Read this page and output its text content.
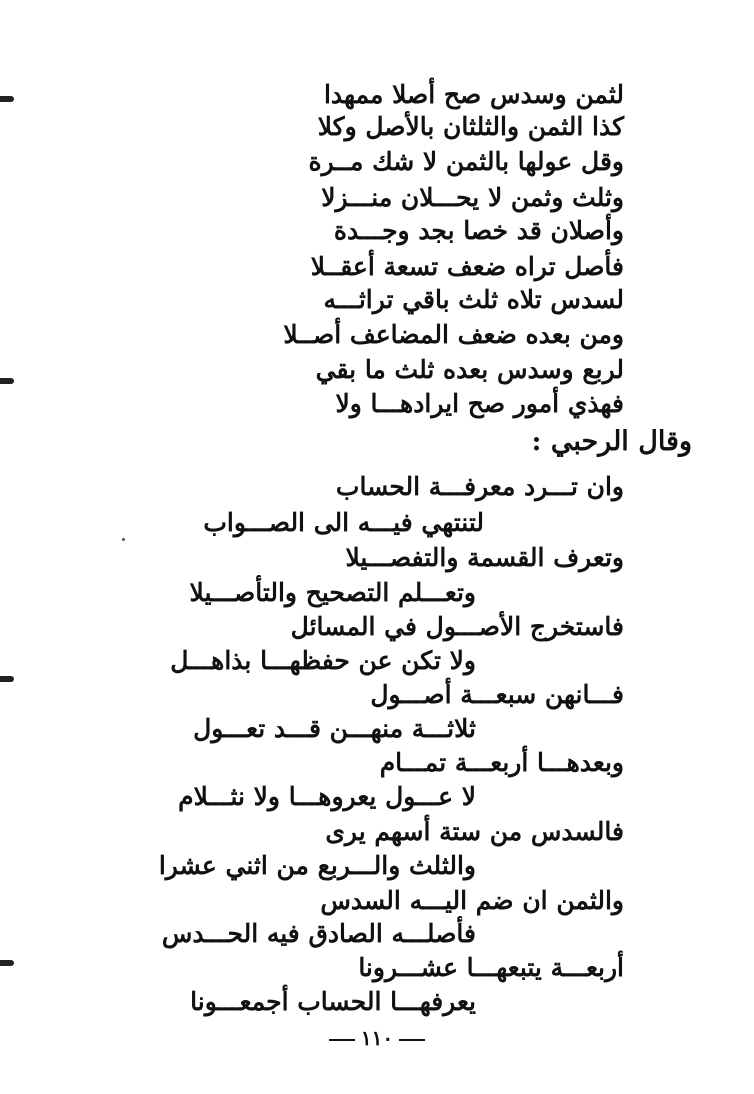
لثمن وسدس صح أصلا ممهدا
كذا الثمن والثلثان بالأصل وكلا
وقل عولها بالثمن لا شك مــرة
وثلث وثمن لا يحـــلان منـــزلا
وأصلان قد خصا بجد وجـــدة
فأصل تراه ضعف تسعة أعقــلا
لسدس تلاه ثلث باقي تراثـــه
ومن بعده ضعف المضاعف أصــلا
لربع وسدس بعده ثلث ما بقي
فهذي أمور صح ايرادهـــا ولا
وقال الرحبي :
وان تـــرد معرفـــة الحساب
لتنتهي فيـــه الى الصـــواب
وتعرف القسمة والتفصـــيلا
وتعـــلم التصحيح والتأصـــيلا
فاستخرج الأصـــول في المسائل
ولا تكن عن حفظهـــا بذاهـــل
فـــانهن سبعـــة أصـــول
ثلاثـــة منهـــن قـــد تعـــول
وبعدهـــا أربعـــة تمـــام
لا عـــول يعروهـــا ولا نثـــلام
فالسدس من ستة أسهم يرى
والثلث والـــربع من اثني عشرا
والثمن ان ضم اليـــه السدس
فأصلـــه الصادق فيه الحـــدس
أربعـــة يتبعهـــا عشـــرونا
يعرفهـــا الحساب أجمعـــونا
١١٠
